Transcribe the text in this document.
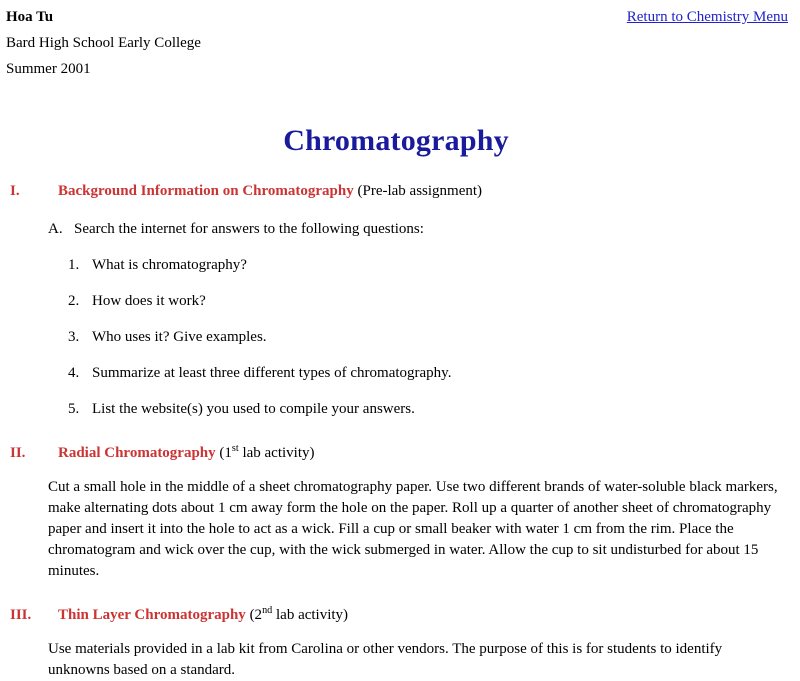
Hoa Tu
Bard High School Early College
Summer 2001
Return to Chemistry Menu
Chromatography
I.	Background Information on Chromatography (Pre-lab assignment)
A. Search the internet for answers to the following questions:
1. What is chromatography?
2. How does it work?
3. Who uses it? Give examples.
4. Summarize at least three different types of chromatography.
5. List the website(s) you used to compile your answers.
II. Radial Chromatography (1st lab activity)

Cut a small hole in the middle of a sheet chromatography paper. Use two different brands of water-soluble black markers, make alternating dots about 1 cm away form the hole on the paper. Roll up a quarter of another sheet of chromatography paper and insert it into the hole to act as a wick. Fill a cup or small beaker with water 1 cm from the rim. Place the chromatogram and wick over the cup, with the wick submerged in water. Allow the cup to sit undisturbed for about 15 minutes.

III. Thin Layer Chromatography (2nd lab activity)

Use materials provided in a lab kit from Carolina or other vendors. The purpose of this is for students to identify unknowns based on a standard.
